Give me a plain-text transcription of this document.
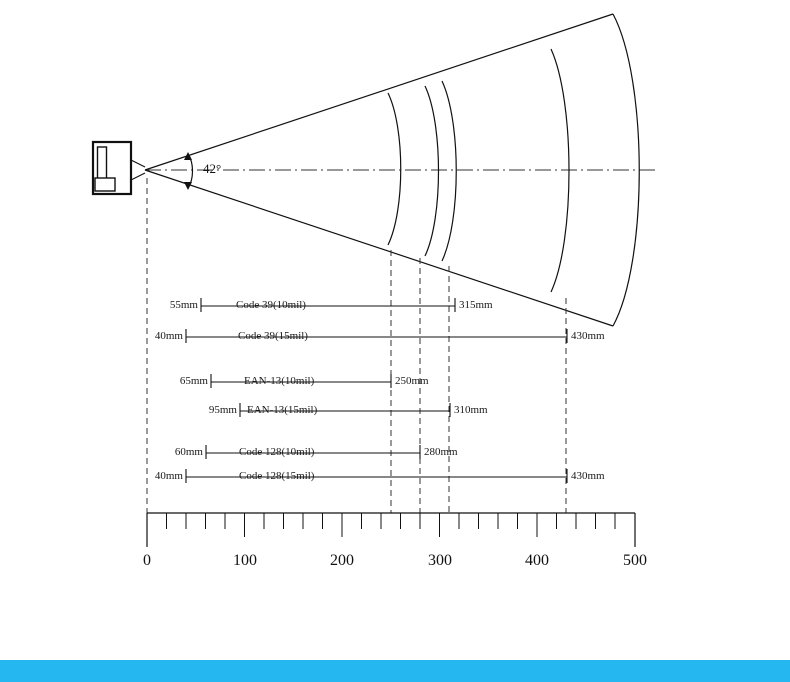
42°
55mm	Code 39(10mil)	315mm
40mm	Code 39(15mil)	430mm
65mm	EAN-13(10mil)	250mm
95mm EAN-13(15mil)	310mm
60mm	Code 128(10mil)	280mm
40mm	Code 128(15mil)	430mm
0	100	200	300	400	500
